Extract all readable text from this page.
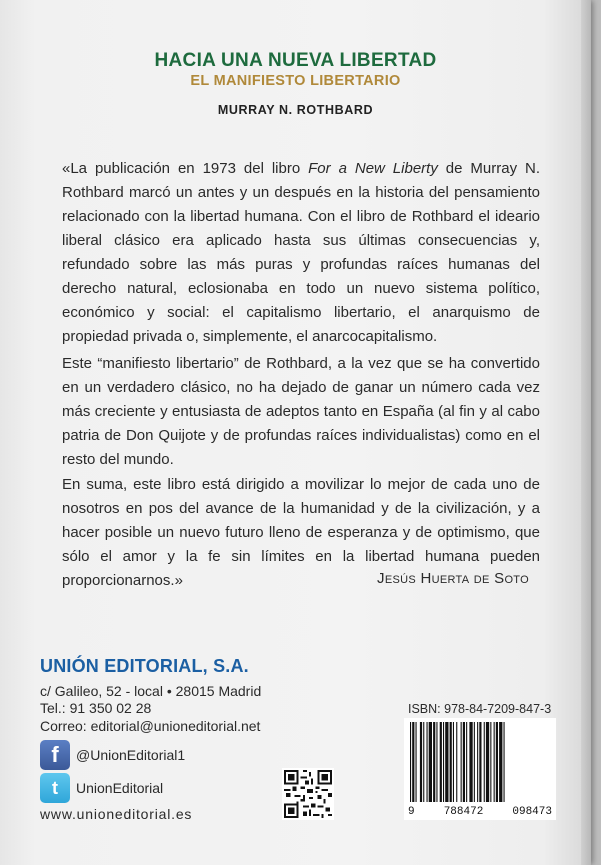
HACIA UNA NUEVA LIBERTAD
EL MANIFIESTO LIBERTARIO
MURRAY N. ROTHBARD

«La publicación en 1973 del libro For a New Liberty de Murray N. Rothbard marcó un antes y un después en la historia del pensamiento relacionado con la libertad humana. Con el libro de Rothbard el ideario liberal clásico era aplicado hasta sus últimas consecuencias y, refundado sobre las más puras y profundas raíces humanas del derecho natural, eclosionaba en todo un nuevo sistema político, económico y social: el capitalismo libertario, el anarquismo de propiedad privada o, simplemente, el anarcocapitalismo.

Este “manifiesto libertario” de Rothbard, a la vez que se ha convertido en un verdadero clásico, no ha dejado de ganar un número cada vez más creciente y entusiasta de adeptos tanto en España (al fin y al cabo patria de Don Quijote y de profundas raíces individualistas) como en el resto del mundo.

En suma, este libro está dirigido a movilizar lo mejor de cada uno de nosotros en pos del avance de la humanidad y de la civilización, y a hacer posible un nuevo futuro lleno de esperanza y de optimismo, que sólo el amor y la fe sin límites en la libertad humana pueden proporcionarnos.»	Jesús Huerta de Soto
UNIÓN EDITORIAL, S.A.
c/ Galileo, 52 - local • 28015 Madrid
Tel.: 91 350 02 28
Correo: editorial@unioneditorial.net
f	@UnionEditorial1
t	UnionEditorial
www.unioneditorial.es
ISBN: 978-84-7209-847-3
9	788472	098473
